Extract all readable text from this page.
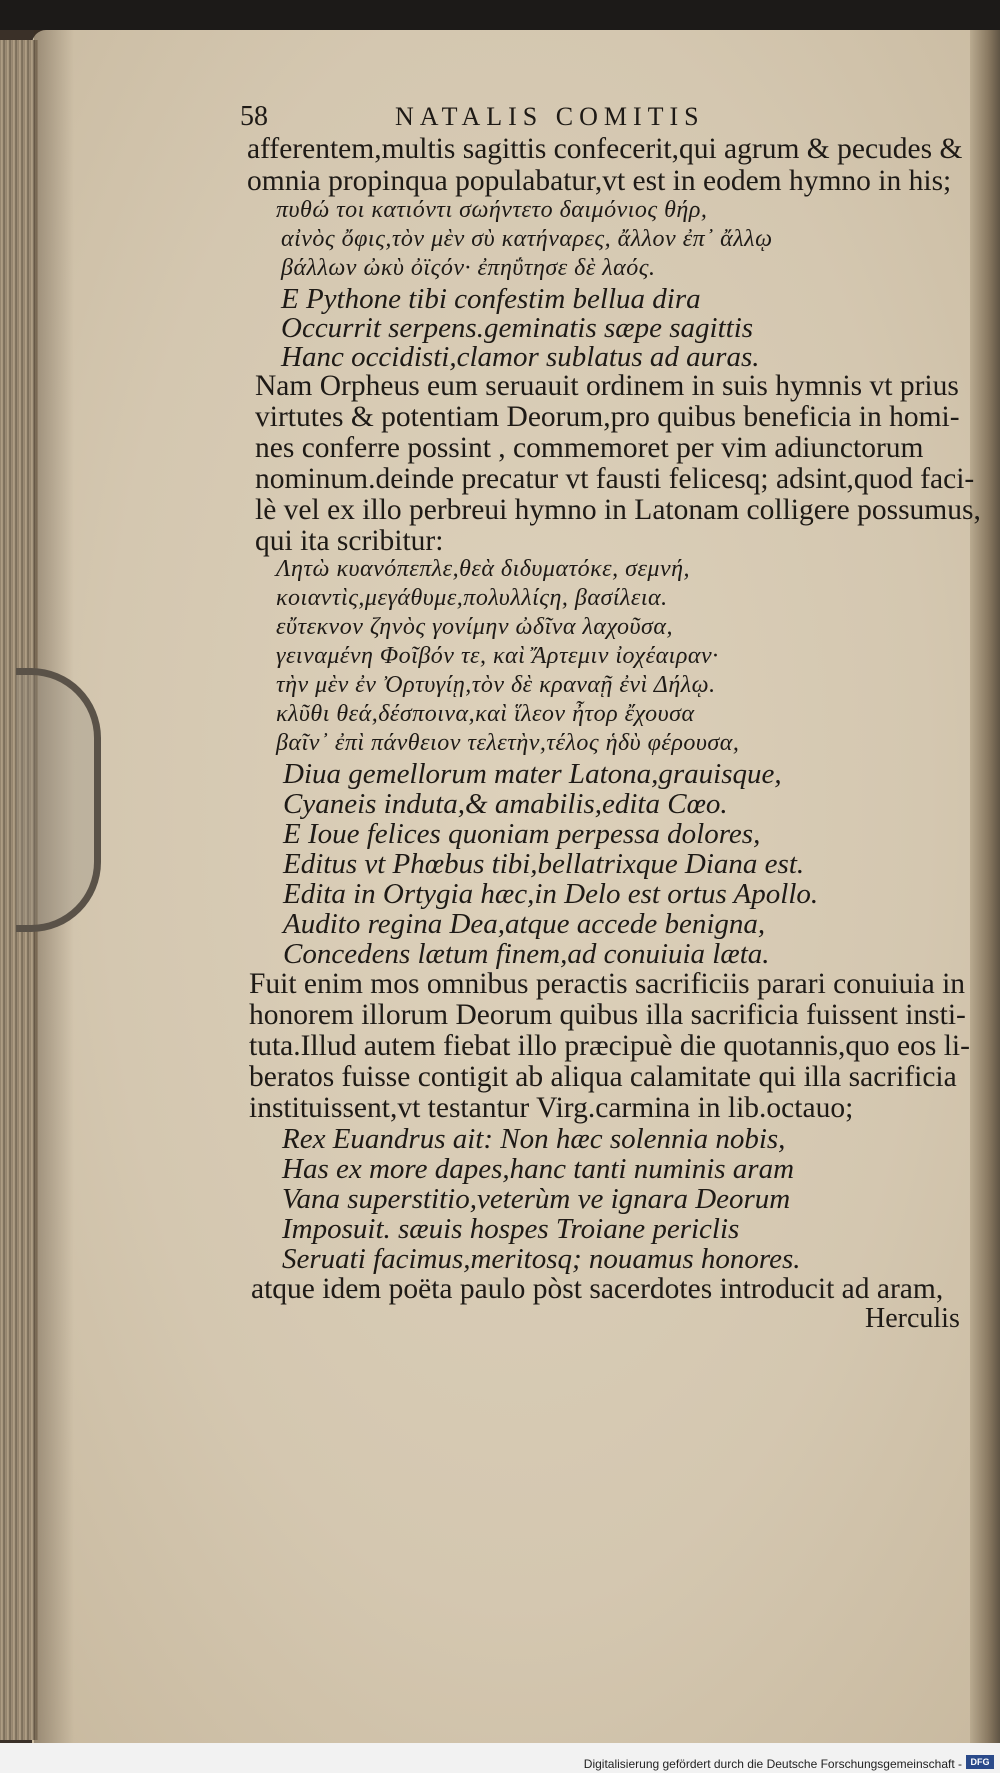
58	NATALIS COMITIS
afferentem,multis sagittis confecerit,qui agrum & pecudes &
omnia propinqua populabatur,vt est in eodem hymno in his;
πυθώ τοι κατιόντι σωήντετο δαιμόνιος θήρ,
αἰνὸς ὄφις,τὸν μὲν σὺ κατήναρες, ἄλλον ἐπ᾽ ἄλλῳ
βάλλων ὠκὺ ὀϊςόν· ἐπηΰτησε δὲ λαός.
E Pythone tibi confestim bellua dira
Occurrit serpens.geminatis sæpe sagittis
Hanc occidisti,clamor sublatus ad auras.
Nam Orpheus eum seruauit ordinem in suis hymnis vt prius
virtutes & potentiam Deorum,pro quibus beneficia in homi-
nes conferre possint , commemoret per vim adiunctorum
nominum.deinde precatur vt fausti felicesq; adsint,quod faci-
lè vel ex illo perbreui hymno in Latonam colligere possumus,
qui ita scribitur:
Λητὼ κυανόπεπλε,θεὰ διδυματόκε, σεμνή,
κοιαντὶς,μεγάθυμε,πολυλλίςη, βασίλεια.
εὔτεκνον ζηνὸς γονίμην ὠδῖνα λαχοῦσα,
γειναμένη Φοῖβόν τε, καὶ Ἄρτεμιν ἰοχέαιραν·
τὴν μὲν ἐν Ὀρτυγίῃ,τὸν δὲ κραναῇ ἐνὶ Δήλῳ.
κλῦθι θεά,δέσποινα,καὶ ἵλεον ἦτορ ἔχουσα
βαῖν᾽ ἐπὶ πάνθειον τελετὴν,τέλος ἡδὺ φέρουσα,
Diua gemellorum mater Latona,grauisque,
Cyaneis induta,& amabilis,edita Cœo.
E Ioue felices quoniam perpessa dolores,
Editus vt Phœbus tibi,bellatrixque Diana est.
Edita in Ortygia hæc,in Delo est ortus Apollo.
Audito regina Dea,atque accede benigna,
Concedens lætum finem,ad conuiuia læta.
Fuit enim mos omnibus peractis sacrificiis parari conuiuia in
honorem illorum Deorum quibus illa sacrificia fuissent insti-
tuta.Illud autem fiebat illo præcipuè die quotannis,quo eos li-
beratos fuisse contigit ab aliqua calamitate qui illa sacrificia
instituissent,vt testantur Virg.carmina in lib.octauo;
Rex Euandrus ait: Non hæc solennia nobis,
Has ex more dapes,hanc tanti numinis aram
Vana superstitio,veterùm ve ignara Deorum
Imposuit. sæuis hospes Troiane periclis
Seruati facimus,meritosq; nouamus honores.
atque idem poëta paulo pòst sacerdotes introducit ad aram,
Herculis
Digitalisierung gefördert durch die Deutsche Forschungsgemeinschaft - DFG
